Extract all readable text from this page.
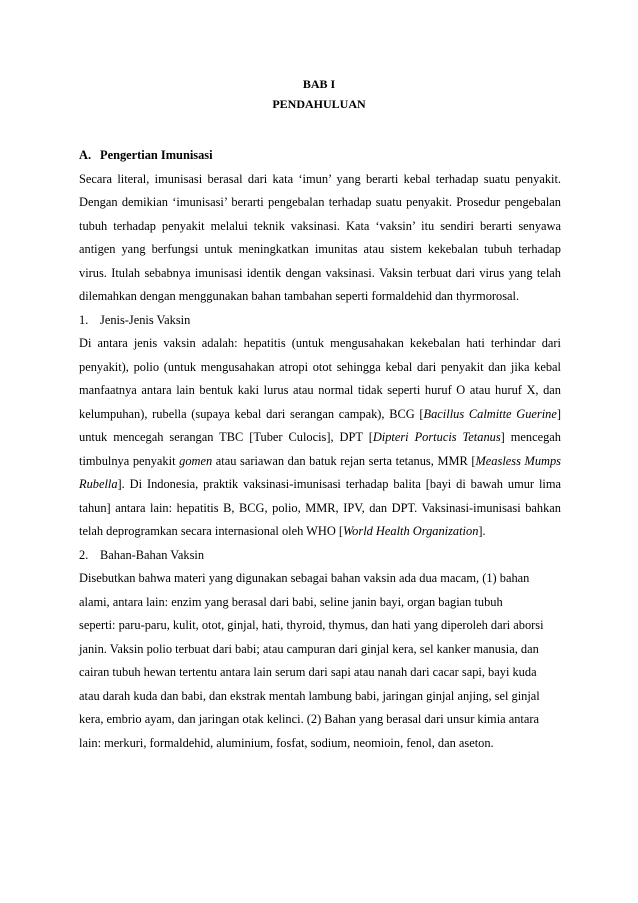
BAB I
PENDAHULUAN
A. Pengertian Imunisasi
Secara literal, imunisasi berasal dari kata ‘imun’ yang berarti kebal terhadap suatu penyakit. Dengan demikian ‘imunisasi’ berarti pengebalan terhadap suatu penyakit. Prosedur pengebalan tubuh terhadap penyakit melalui teknik vaksinasi. Kata ‘vaksin’ itu sendiri berarti senyawa antigen yang berfungsi untuk meningkatkan imunitas atau sistem kekebalan tubuh terhadap virus. Itulah sebabnya imunisasi identik dengan vaksinasi. Vaksin terbuat dari virus yang telah dilemahkan dengan menggunakan bahan tambahan seperti formaldehid dan thyrmorosal.
1. Jenis-Jenis Vaksin
Di antara jenis vaksin adalah: hepatitis (untuk mengusahakan kekebalan hati terhindar dari penyakit), polio (untuk mengusahakan atropi otot sehingga kebal dari penyakit dan jika kebal manfaatnya antara lain bentuk kaki lurus atau normal tidak seperti huruf O atau huruf X, dan kelumpuhan), rubella (supaya kebal dari serangan campak), BCG [Bacillus Calmitte Guerine] untuk mencegah serangan TBC [Tuber Culocis], DPT [Dipteri Portucis Tetanus] mencegah timbulnya penyakit gomen atau sariawan dan batuk rejan serta tetanus, MMR [Measless Mumps Rubella]. Di Indonesia, praktik vaksinasi-imunisasi terhadap balita [bayi di bawah umur lima tahun] antara lain: hepatitis B, BCG, polio, MMR, IPV, dan DPT. Vaksinasi-imunisasi bahkan telah deprogramkan secara internasional oleh WHO [World Health Organization].
2. Bahan-Bahan Vaksin
Disebutkan bahwa materi yang digunakan sebagai bahan vaksin ada dua macam, (1) bahan
alami, antara lain: enzim yang berasal dari babi, seline janin bayi, organ bagian tubuh
seperti: paru-paru, kulit, otot, ginjal, hati, thyroid, thymus, dan hati yang diperoleh dari aborsi
janin. Vaksin polio terbuat dari babi; atau campuran dari ginjal kera, sel kanker manusia, dan
cairan tubuh hewan tertentu antara lain serum dari sapi atau nanah dari cacar sapi, bayi kuda
atau darah kuda dan babi, dan ekstrak mentah lambung babi, jaringan ginjal anjing, sel ginjal
kera, embrio ayam, dan jaringan otak kelinci. (2) Bahan yang berasal dari unsur kimia antara
lain: merkuri, formaldehid, aluminium, fosfat, sodium, neomioin, fenol, dan aseton.
